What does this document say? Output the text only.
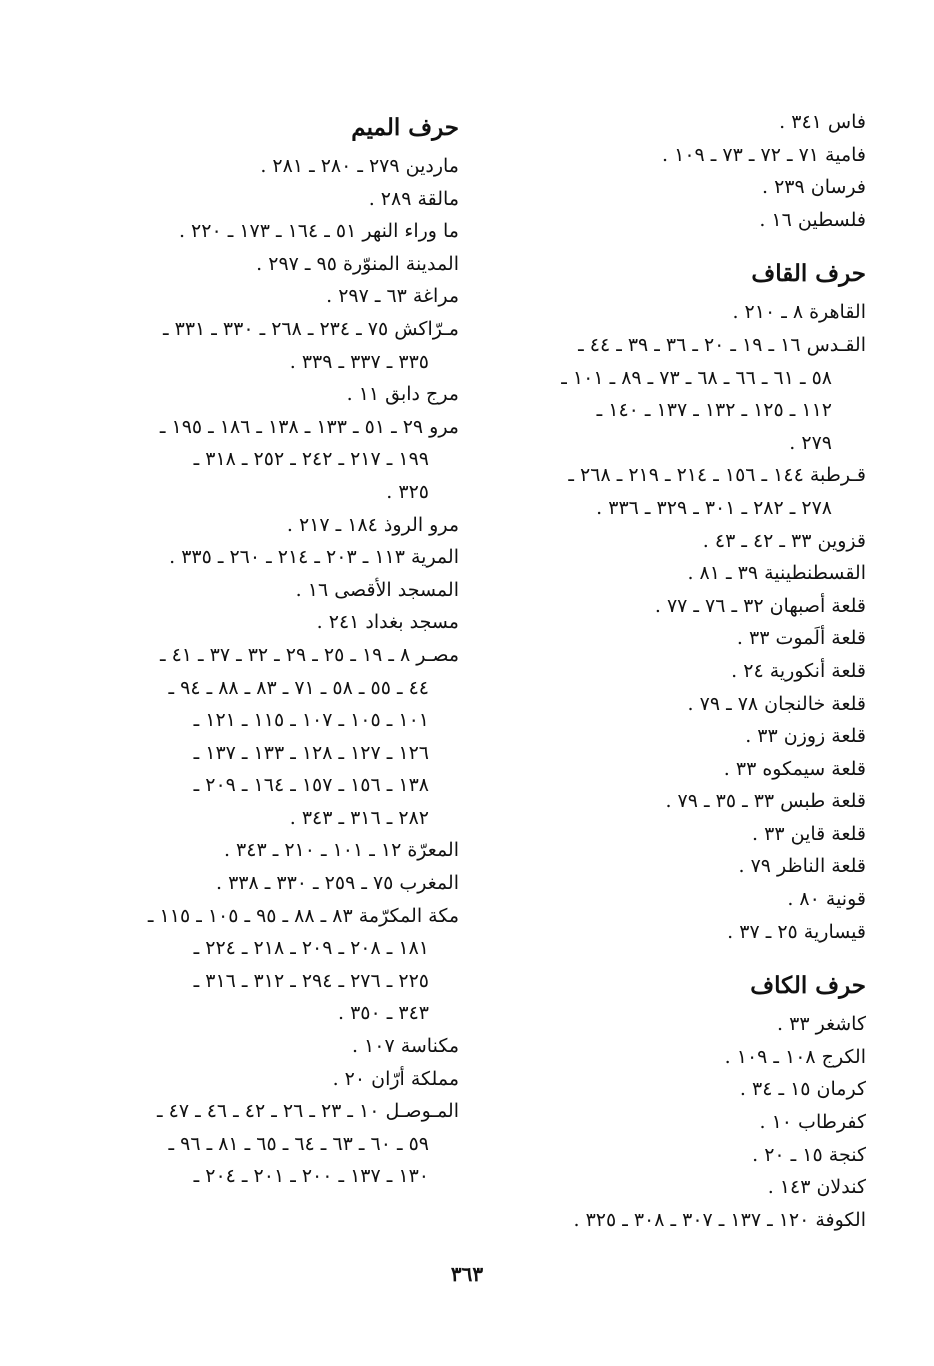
فاس ٣٤١ .
فامية ٧١ ـ ٧٢ ـ ٧٣ ـ ١٠٩ .
فرسان ٢٣٩ .
فلسطين ١٦ .
حرف القاف
القاهرة ٨ ـ ٢١٠ .
القـدس ١٦ ـ ١٩ ـ ٢٠ ـ ٣٦ ـ ٣٩ ـ ٤٤ ـ
٥٨ ـ ٦١ ـ ٦٦ ـ ٦٨ ـ ٧٣ ـ ٨٩ ـ ١٠١ ـ
١١٢ ـ ١٢٥ ـ ١٣٢ ـ ١٣٧ ـ ١٤٠ ـ
٢٧٩ .
قـرطبة ١٤٤ ـ ١٥٦ ـ ٢١٤ ـ ٢١٩ ـ ٢٦٨ ـ
٢٧٨ ـ ٢٨٢ ـ ٣٠١ ـ ٣٢٩ ـ ٣٣٦ .
قزوين ٣٣ ـ ٤٢ ـ ٤٣ .
القسطنطينية ٣٩ ـ ٨١ .
قلعة أصبهان ٣٢ ـ ٧٦ ـ ٧٧ .
قلعة ألَموت ٣٣ .
قلعة أنكورية ٢٤ .
قلعة خالنجان ٧٨ ـ ٧٩ .
قلعة زوزن ٣٣ .
قلعة سيمكوه ٣٣ .
قلعة طبس ٣٣ ـ ٣٥ ـ ٧٩ .
قلعة قاين ٣٣ .
قلعة الناظر ٧٩ .
قونية ٨٠ .
قيسارية ٢٥ ـ ٣٧ .
حرف الكاف
كاشغر ٣٣ .
الكرج ١٠٨ ـ ١٠٩ .
كرمان ١٥ ـ ٣٤ .
كفرطاب ١٠ .
كنجة ١٥ ـ ٢٠ .
كندلان ١٤٣ .
الكوفة ١٢٠ ـ ١٣٧ ـ ٣٠٧ ـ ٣٠٨ ـ ٣٢٥ .
حرف الميم
ماردين ٢٧٩ ـ ٢٨٠ ـ ٢٨١ .
مالقة ٢٨٩ .
ما وراء النهر ٥١ ـ ١٦٤ ـ ١٧٣ ـ ٢٢٠ .
المدينة المنوّرة ٩٥ ـ ٢٩٧ .
مراغة ٦٣ ـ ٢٩٧ .
مـرّاكش ٧٥ ـ ٢٣٤ ـ ٢٦٨ ـ ٣٣٠ ـ ٣٣١ ـ
٣٣٥ ـ ٣٣٧ ـ ٣٣٩ .
مرج دابق ١١ .
مرو ٢٩ ـ ٥١ ـ ١٣٣ ـ ١٣٨ ـ ١٨٦ ـ ١٩٥ ـ
١٩٩ ـ ٢١٧ ـ ٢٤٢ ـ ٢٥٢ ـ ٣١٨ ـ
٣٢٥ .
مرو الروذ ١٨٤ ـ ٢١٧ .
المرية ١١٣ ـ ٢٠٣ ـ ٢١٤ ـ ٢٦٠ ـ ٣٣٥ .
المسجد الأقصى ١٦ .
مسجد بغداد ٢٤١ .
مصـر ٨ ـ ١٩ ـ ٢٥ ـ ٢٩ ـ ٣٢ ـ ٣٧ ـ ٤١ ـ
٤٤ ـ ٥٥ ـ ٥٨ ـ ٧١ ـ ٨٣ ـ ٨٨ ـ ٩٤ ـ
١٠١ ـ ١٠٥ ـ ١٠٧ ـ ١١٥ ـ ١٢١ ـ
١٢٦ ـ ١٢٧ ـ ١٢٨ ـ ١٣٣ ـ ١٣٧ ـ
١٣٨ ـ ١٥٦ ـ ١٥٧ ـ ١٦٤ ـ ٢٠٩ ـ
٢٨٢ ـ ٣١٦ ـ ٣٤٣ .
المعرّة ١٢ ـ ١٠١ ـ ٢١٠ ـ ٣٤٣ .
المغرب ٧٥ ـ ٢٥٩ ـ ٣٣٠ ـ ٣٣٨ .
مكة المكرّمة ٨٣ ـ ٨٨ ـ ٩٥ ـ ١٠٥ ـ ١١٥ ـ
١٨١ ـ ٢٠٨ ـ ٢٠٩ ـ ٢١٨ ـ ٢٢٤ ـ
٢٢٥ ـ ٢٧٦ ـ ٢٩٤ ـ ٣١٢ ـ ٣١٦ ـ
٣٤٣ ـ ٣٥٠ .
مكناسة ١٠٧ .
مملكة أرّان ٢٠ .
المـوصـل ١٠ ـ ٢٣ ـ ٢٦ ـ ٤٢ ـ ٤٦ ـ ٤٧ ـ
٥٩ ـ ٦٠ ـ ٦٣ ـ ٦٤ ـ ٦٥ ـ ٨١ ـ ٩٦ ـ
١٣٠ ـ ١٣٧ ـ ٢٠٠ ـ ٢٠١ ـ ٢٠٤ ـ
٣٦٣
